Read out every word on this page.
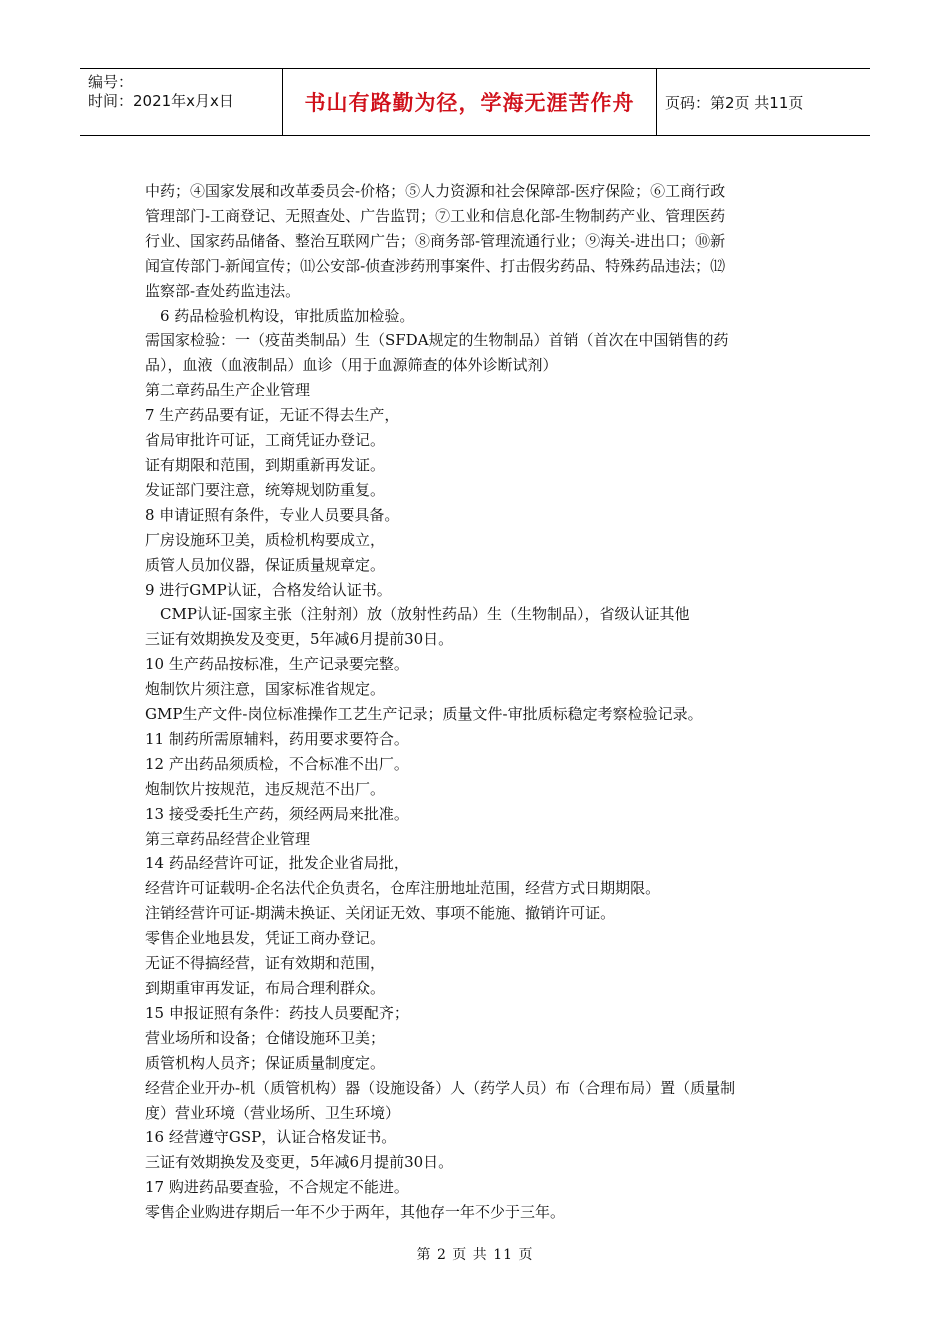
编号：
时间：2021年x月x日	书山有路勤为径，学海无涯苦作舟	页码：第2页 共11页
中药；④国家发展和改革委员会-价格；⑤人力资源和社会保障部-医疗保险；⑥工商行政
管理部门-工商登记、无照查处、广告监罚；⑦工业和信息化部-生物制药产业、管理医药
行业、国家药品储备、整治互联网广告；⑧商务部-管理流通行业；⑨海关-进出口；⑩新
闻宣传部门-新闻宣传；⑾公安部-侦查涉药刑事案件、打击假劣药品、特殊药品违法；⑿
监察部-查处药监违法。
6 药品检验机构设，审批质监加检验。
需国家检验：一（疫苗类制品）生（SFDA规定的生物制品）首销（首次在中国销售的药
品），血液（血液制品）血诊（用于血源筛查的体外诊断试剂）
第二章药品生产企业管理
7 生产药品要有证，无证不得去生产，
省局审批许可证，工商凭证办登记。
证有期限和范围，到期重新再发证。
发证部门要注意，统筹规划防重复。
8 申请证照有条件，专业人员要具备。
厂房设施环卫美，质检机构要成立，
质管人员加仪器，保证质量规章定。
9 进行GMP认证，合格发给认证书。
CMP认证-国家主张（注射剂）放（放射性药品）生（生物制品），省级认证其他
三证有效期换发及变更，5年减6月提前30日。
10 生产药品按标准，生产记录要完整。
炮制饮片须注意，国家标准省规定。
GMP生产文件-岗位标准操作工艺生产记录；质量文件-审批质标稳定考察检验记录。
11 制药所需原辅料，药用要求要符合。
12 产出药品须质检，不合标准不出厂。
炮制饮片按规范，违反规范不出厂。
13 接受委托生产药，须经两局来批准。
第三章药品经营企业管理
14 药品经营许可证，批发企业省局批，
经营许可证载明-企名法代企负责名，仓库注册地址范围，经营方式日期期限。
注销经营许可证-期满未换证、关闭证无效、事项不能施、撤销许可证。
零售企业地县发，凭证工商办登记。
无证不得搞经营，证有效期和范围，
到期重审再发证，布局合理利群众。
15 申报证照有条件：药技人员要配齐；
营业场所和设备；仓储设施环卫美；
质管机构人员齐；保证质量制度定。
经营企业开办-机（质管机构）器（设施设备）人（药学人员）布（合理布局）置（质量制
度）营业环境（营业场所、卫生环境）
16 经营遵守GSP，认证合格发证书。
三证有效期换发及变更，5年减6月提前30日。
17 购进药品要查验，不合规定不能进。
零售企业购进存期后一年不少于两年，其他存一年不少于三年。
第 2 页 共 11 页
